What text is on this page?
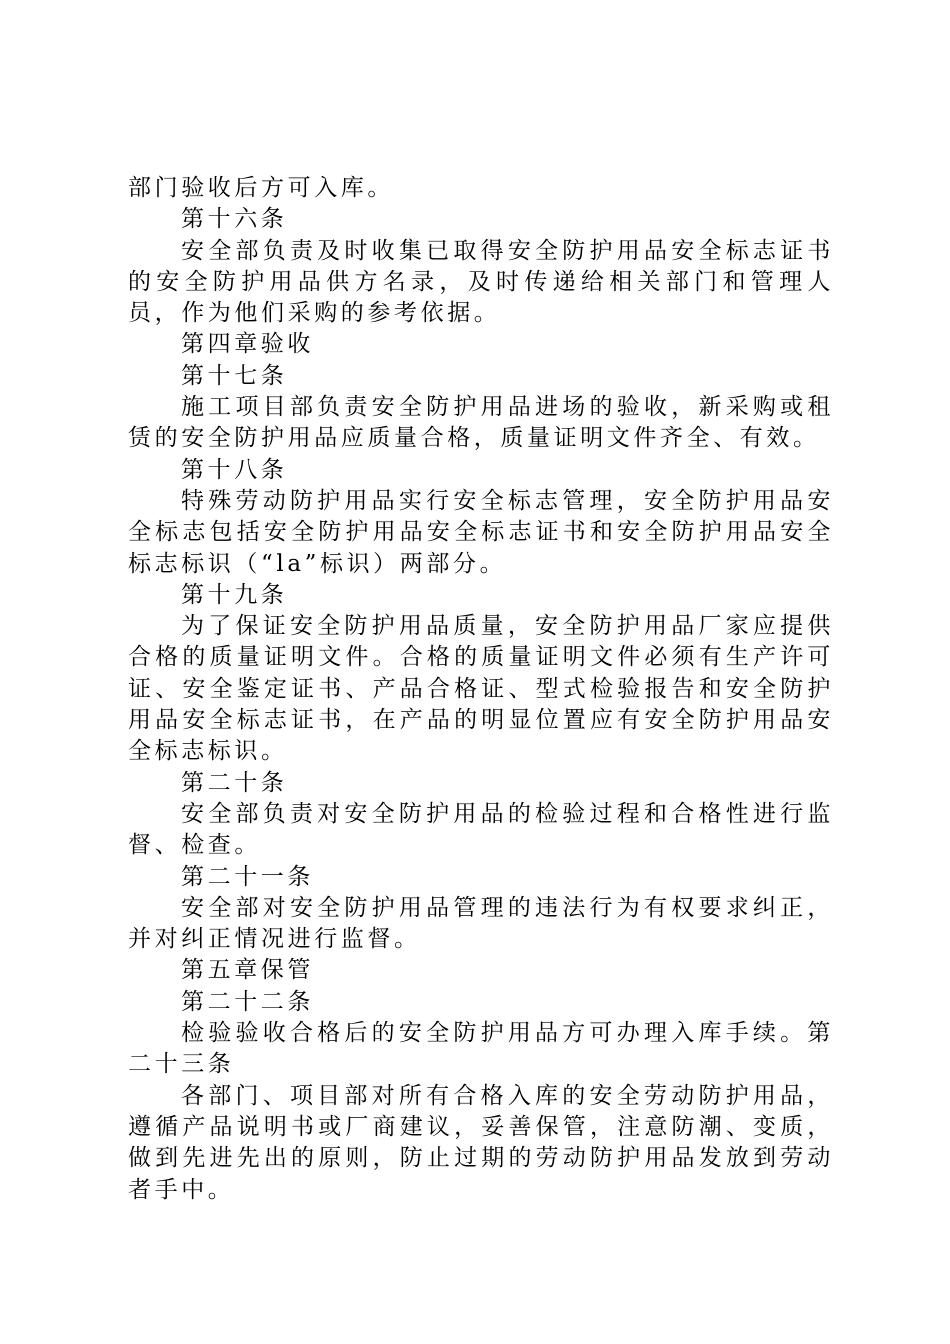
部门验收后方可入库。

第十六条

安全部负责及时收集已取得安全防护用品安全标志证书的安全防护用品供方名录，及时传递给相关部门和管理人员，作为他们采购的参考依据。

第四章验收

第十七条

施工项目部负责安全防护用品进场的验收，新采购或租赁的安全防护用品应质量合格，质量证明文件齐全、有效。

第十八条

特殊劳动防护用品实行安全标志管理，安全防护用品安全标志包括安全防护用品安全标志证书和安全防护用品安全标志标识（“la”标识）两部分。

第十九条

为了保证安全防护用品质量，安全防护用品厂家应提供合格的质量证明文件。合格的质量证明文件必须有生产许可证、安全鉴定证书、产品合格证、型式检验报告和安全防护用品安全标志证书，在产品的明显位置应有安全防护用品安全标志标识。

第二十条

安全部负责对安全防护用品的检验过程和合格性进行监督、检查。

第二十一条

安全部对安全防护用品管理的违法行为有权要求纠正，并对纠正情况进行监督。

第五章保管

第二十二条

检验验收合格后的安全防护用品方可办理入库手续。第二十三条

各部门、项目部对所有合格入库的安全劳动防护用品，遵循产品说明书或厂商建议，妥善保管，注意防潮、变质，做到先进先出的原则，防止过期的劳动防护用品发放到劳动者手中。
